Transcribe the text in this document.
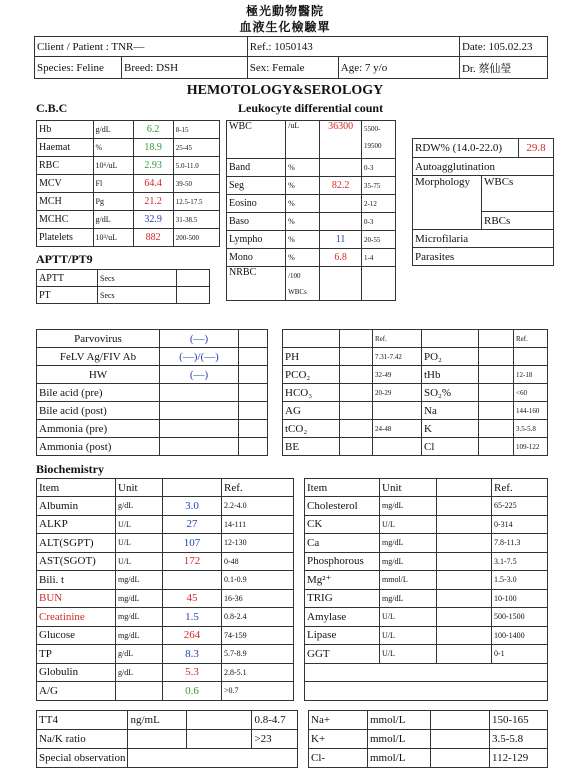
極光動物醫院
血液生化檢驗單
Client / Patient : TNR—		Ref.: 1050143		Date: 105.02.23
Species: Feline	Breed: DSH	Sex: Female	Age: 7 y/o	Dr. 蔡仙瑩
HEMOTOLOGY&SEROLOGY
C.B.C	Leukocyte differential count
Hb	g/dL	6.2	8-15
Haemat	%	18.9	25-45
RBC	10⁶/uL	2.93	5.0-11.0
MCV	Fl	64.4	39-50
MCH	Pg	21.2	12.5-17.5
MCHC	g/dL	32.9	31-38.5
Platelets	10³/uL	882	200-500
APTT/PT9
APTT	Secs	
PT	Secs	
WBC	/uL	36300	5500-
19500

Band	%		0-3
Seg	%	82.2	35-75
Eosino	%		2-12
Baso	%		0-3
Lympho	%	11	20-55
Mono	%	6.8	1-4
NRBC	/100
WBCs		

RDW% (14.0-22.0)		29.8
Autoagglutination		
Morphology	WBCs	
	RBCs	
Microfilaria		
Parasites		
Parvovirus	(—)	
FeLV Ag/FIV Ab	(—)/(—)	
HW	(—)	
Bile acid (pre)		
Bile acid (post)		
Ammonia (pre)		
Ammonia (post)		
		Ref.			Ref.
PH		7.31-7.42	PO₂		
PCO₂		32-49	tHb		12-18
HCO₃		20-29	SO₂%		<60
AG			Na		144-160
tCO₂		24-48	K		3.5-5.8
BE			Cl		109-122
Biochemistry
Item	Unit		Ref.
Albumin	g/dL	3.0	2.2-4.0
ALKP	U/L	27	14-111
ALT(SGPT)	U/L	107	12-130
AST(SGOT)	U/L	172	0-48
Bili. t	mg/dL		0.1-0.9
BUN	mg/dL	45	16-36
Creatinine	mg/dL	1.5	0.8-2.4
Glucose	mg/dL	264	74-159
TP	g/dL	8.3	5.7-8.9
Globulin	g/dL	5.3	2.8-5.1
A/G		0.6	>0.7
Item	Unit		Ref.
Cholesterol	mg/dL		65-225
CK	U/L		0-314
Ca	mg/dL		7.8-11.3
Phosphorous	mg/dL		3.1-7.5
Mg²⁺	mmol/L		1.5-3.0
TRIG	mg/dL		10-100
Amylase	U/L		500-1500
Lipase	U/L		100-1400
GGT	U/L		0-1

TT4	ng/mL		0.8-4.7
Na/K ratio			>23
Special observation			
Na+	mmol/L		150-165
K+	mmol/L		3.5-5.8
Cl-	mmol/L		112-129
